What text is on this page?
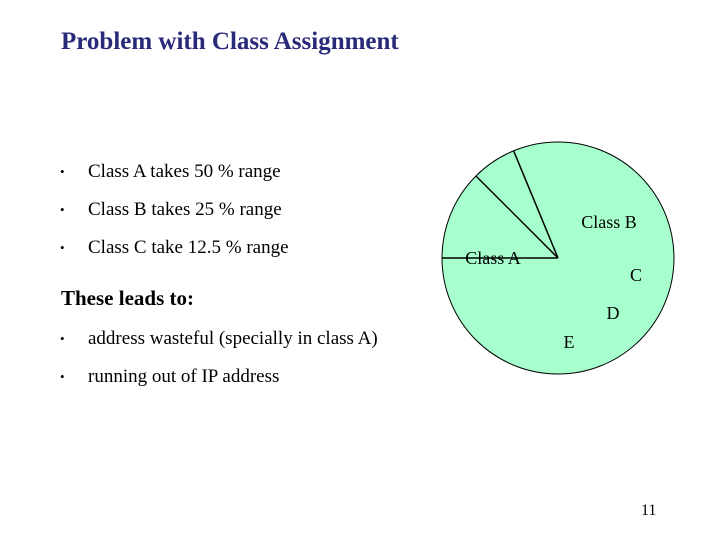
Problem with Class Assignment
• Class A takes 50 % range
• Class B takes 25 % range
• Class C take 12.5 % range
These leads to:
• address wasteful (specially in class A)
• running out of IP address
Class A
Class B
C
D
E
11
